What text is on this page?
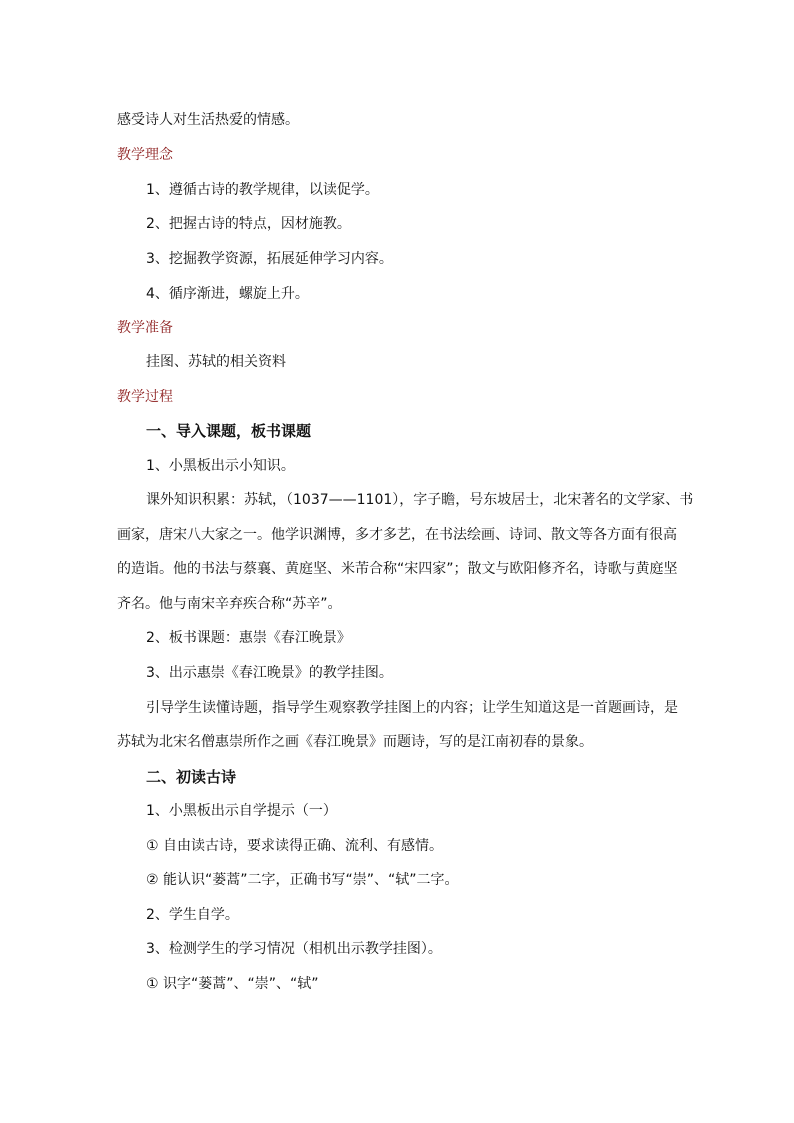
感受诗人对生活热爱的情感。

教学理念

1、遵循古诗的教学规律，以读促学。

2、把握古诗的特点，因材施教。

3、挖掘教学资源，拓展延伸学习内容。

4、循序渐进，螺旋上升。

教学准备

挂图、苏轼的相关资料

教学过程

一、导入课题，板书课题

1、小黑板出示小知识。

课外知识积累：苏轼，（1037——1101），字子瞻，号东坡居士，北宋著名的文学家、书

画家，唐宋八大家之一。他学识渊博，多才多艺，在书法绘画、诗词、散文等各方面有很高

的造诣。他的书法与蔡襄、黄庭坚、米芾合称“宋四家”；散文与欧阳修齐名，诗歌与黄庭坚

齐名。他与南宋辛弃疾合称“苏辛”。

2、板书课题：惠崇《春江晚景》

3、出示惠崇《春江晚景》的教学挂图。

引导学生读懂诗题，指导学生观察教学挂图上的内容；让学生知道这是一首题画诗，是

苏轼为北宋名僧惠崇所作之画《春江晚景》而题诗，写的是江南初春的景象。

二、初读古诗

1、小黑板出示自学提示（一）

① 自由读古诗，要求读得正确、流利、有感情。

② 能认识“蒌蒿”二字，正确书写“崇”、“轼”二字。

2、学生自学。

3、检测学生的学习情况（相机出示教学挂图）。

① 识字“蒌蒿”、“崇”、“轼”
